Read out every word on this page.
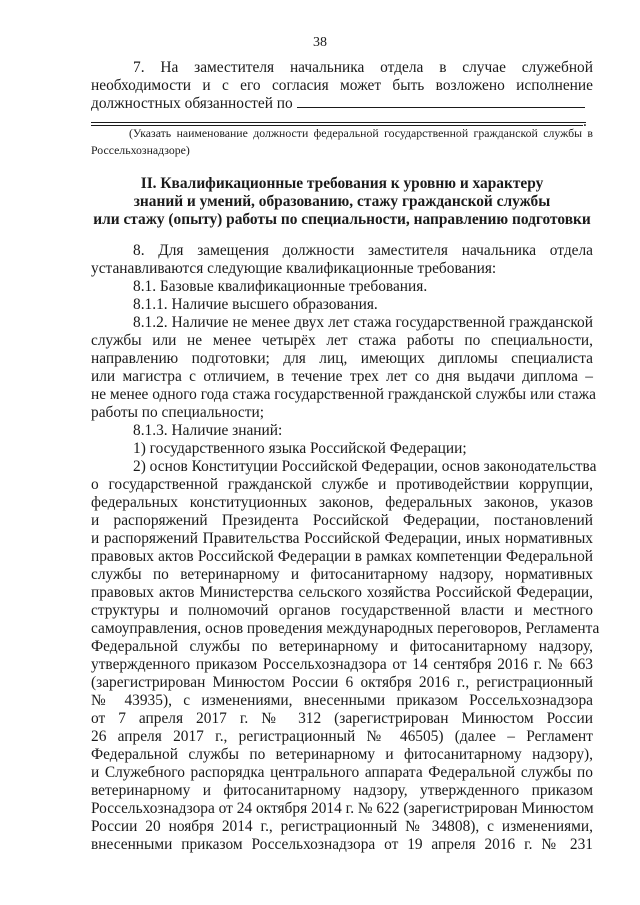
38
7. На заместителя начальника отдела в случае служебной
необходимости и с его согласия может быть возложено исполнение
должностных обязанностей по
.
(Указать наименование должности федеральной государственной гражданской службы в
Россельхознадзоре)
II. Квалификационные требования к уровню и характеру
знаний и умений, образованию, стажу гражданской службы
или стажу (опыту) работы по специальности, направлению подготовки
8. Для замещения должности заместителя начальника отдела
устанавливаются следующие квалификационные требования:
8.1. Базовые квалификационные требования.
8.1.1. Наличие высшего образования.
8.1.2. Наличие не менее двух лет стажа государственной гражданской
службы или не менее четырёх лет стажа работы по специальности,
направлению подготовки; для лиц, имеющих дипломы специалиста
или магистра с отличием, в течение трех лет со дня выдачи диплома –
не менее одного года стажа государственной гражданской службы или стажа
работы по специальности;
8.1.3. Наличие знаний:
1) государственного языка Российской Федерации;
2) основ Конституции Российской Федерации, основ законодательства
о государственной гражданской службе и противодействии коррупции,
федеральных конституционных законов, федеральных законов, указов
и распоряжений Президента Российской Федерации, постановлений
и распоряжений Правительства Российской Федерации, иных нормативных
правовых актов Российской Федерации в рамках компетенции Федеральной
службы по ветеринарному и фитосанитарному надзору, нормативных
правовых актов Министерства сельского хозяйства Российской Федерации,
структуры и полномочий органов государственной власти и местного
самоуправления, основ проведения международных переговоров, Регламента
Федеральной службы по ветеринарному и фитосанитарному надзору,
утвержденного приказом Россельхознадзора от 14 сентября 2016 г. № 663
(зарегистрирован Минюстом России 6 октября 2016 г., регистрационный
№ 43935), с изменениями, внесенными приказом Россельхознадзора
от 7 апреля 2017 г. № 312 (зарегистрирован Минюстом России
26 апреля 2017 г., регистрационный № 46505) (далее – Регламент
Федеральной службы по ветеринарному и фитосанитарному надзору),
и Служебного распорядка центрального аппарата Федеральной службы по
ветеринарному и фитосанитарному надзору, утвержденного приказом
Россельхознадзора от 24 октября 2014 г. № 622 (зарегистрирован Минюстом
России 20 ноября 2014 г., регистрационный № 34808), с изменениями,
внесенными приказом Россельхознадзора от 19 апреля 2016 г. № 231
